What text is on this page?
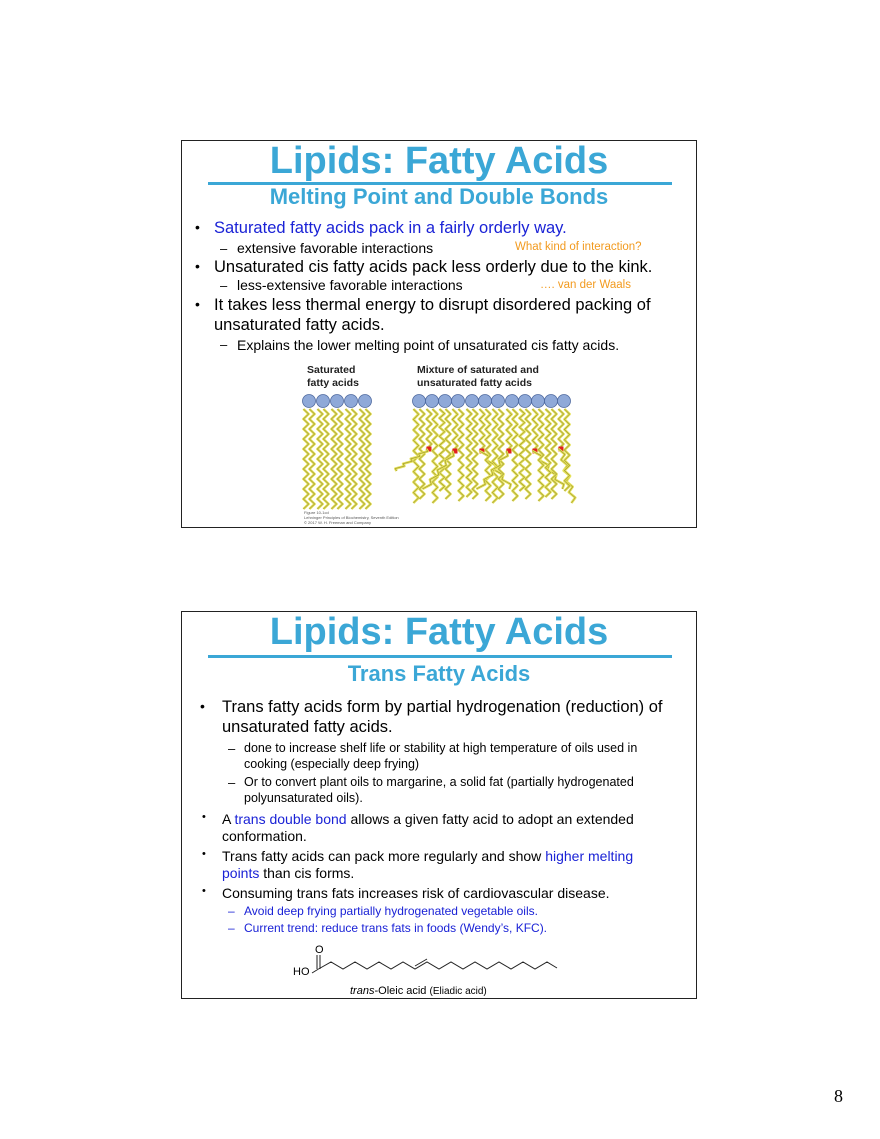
Lipids: Fatty Acids
Melting Point and Double Bonds
• Saturated fatty acids pack in a fairly orderly way.
– extensive favorable interactions	What kind of interaction?
• Unsaturated cis fatty acids pack less orderly due to the kink.
– less-extensive favorable interactions	…. van der Waals
• It takes less thermal energy to disrupt disordered packing of
unsaturated fatty acids.
– Explains the lower melting point of unsaturated cis fatty acids.
Saturated
fatty acids
Mixture of saturated and
unsaturated fatty acids
Figure 10-1cd
Lehninger Principles of Biochemistry, Seventh Edition
© 2017 W. H. Freeman and Company
Lipids: Fatty Acids
Trans Fatty Acids
• Trans fatty acids form by partial hydrogenation (reduction) of
unsaturated fatty acids.
– done to increase shelf life or stability at high temperature of oils used in
cooking (especially deep frying)
– Or to convert plant oils to margarine, a solid fat (partially hydrogenated
polyunsaturated oils).
• A trans double bond allows a given fatty acid to adopt an extended
conformation.
• Trans fatty acids can pack more regularly and show higher melting
points than cis forms.
• Consuming trans fats increases risk of cardiovascular disease.
– Avoid deep frying partially hydrogenated vegetable oils.
– Current trend: reduce trans fats in foods (Wendy’s, KFC).
O
HO
trans-Oleic acid (Eliadic acid)
8
